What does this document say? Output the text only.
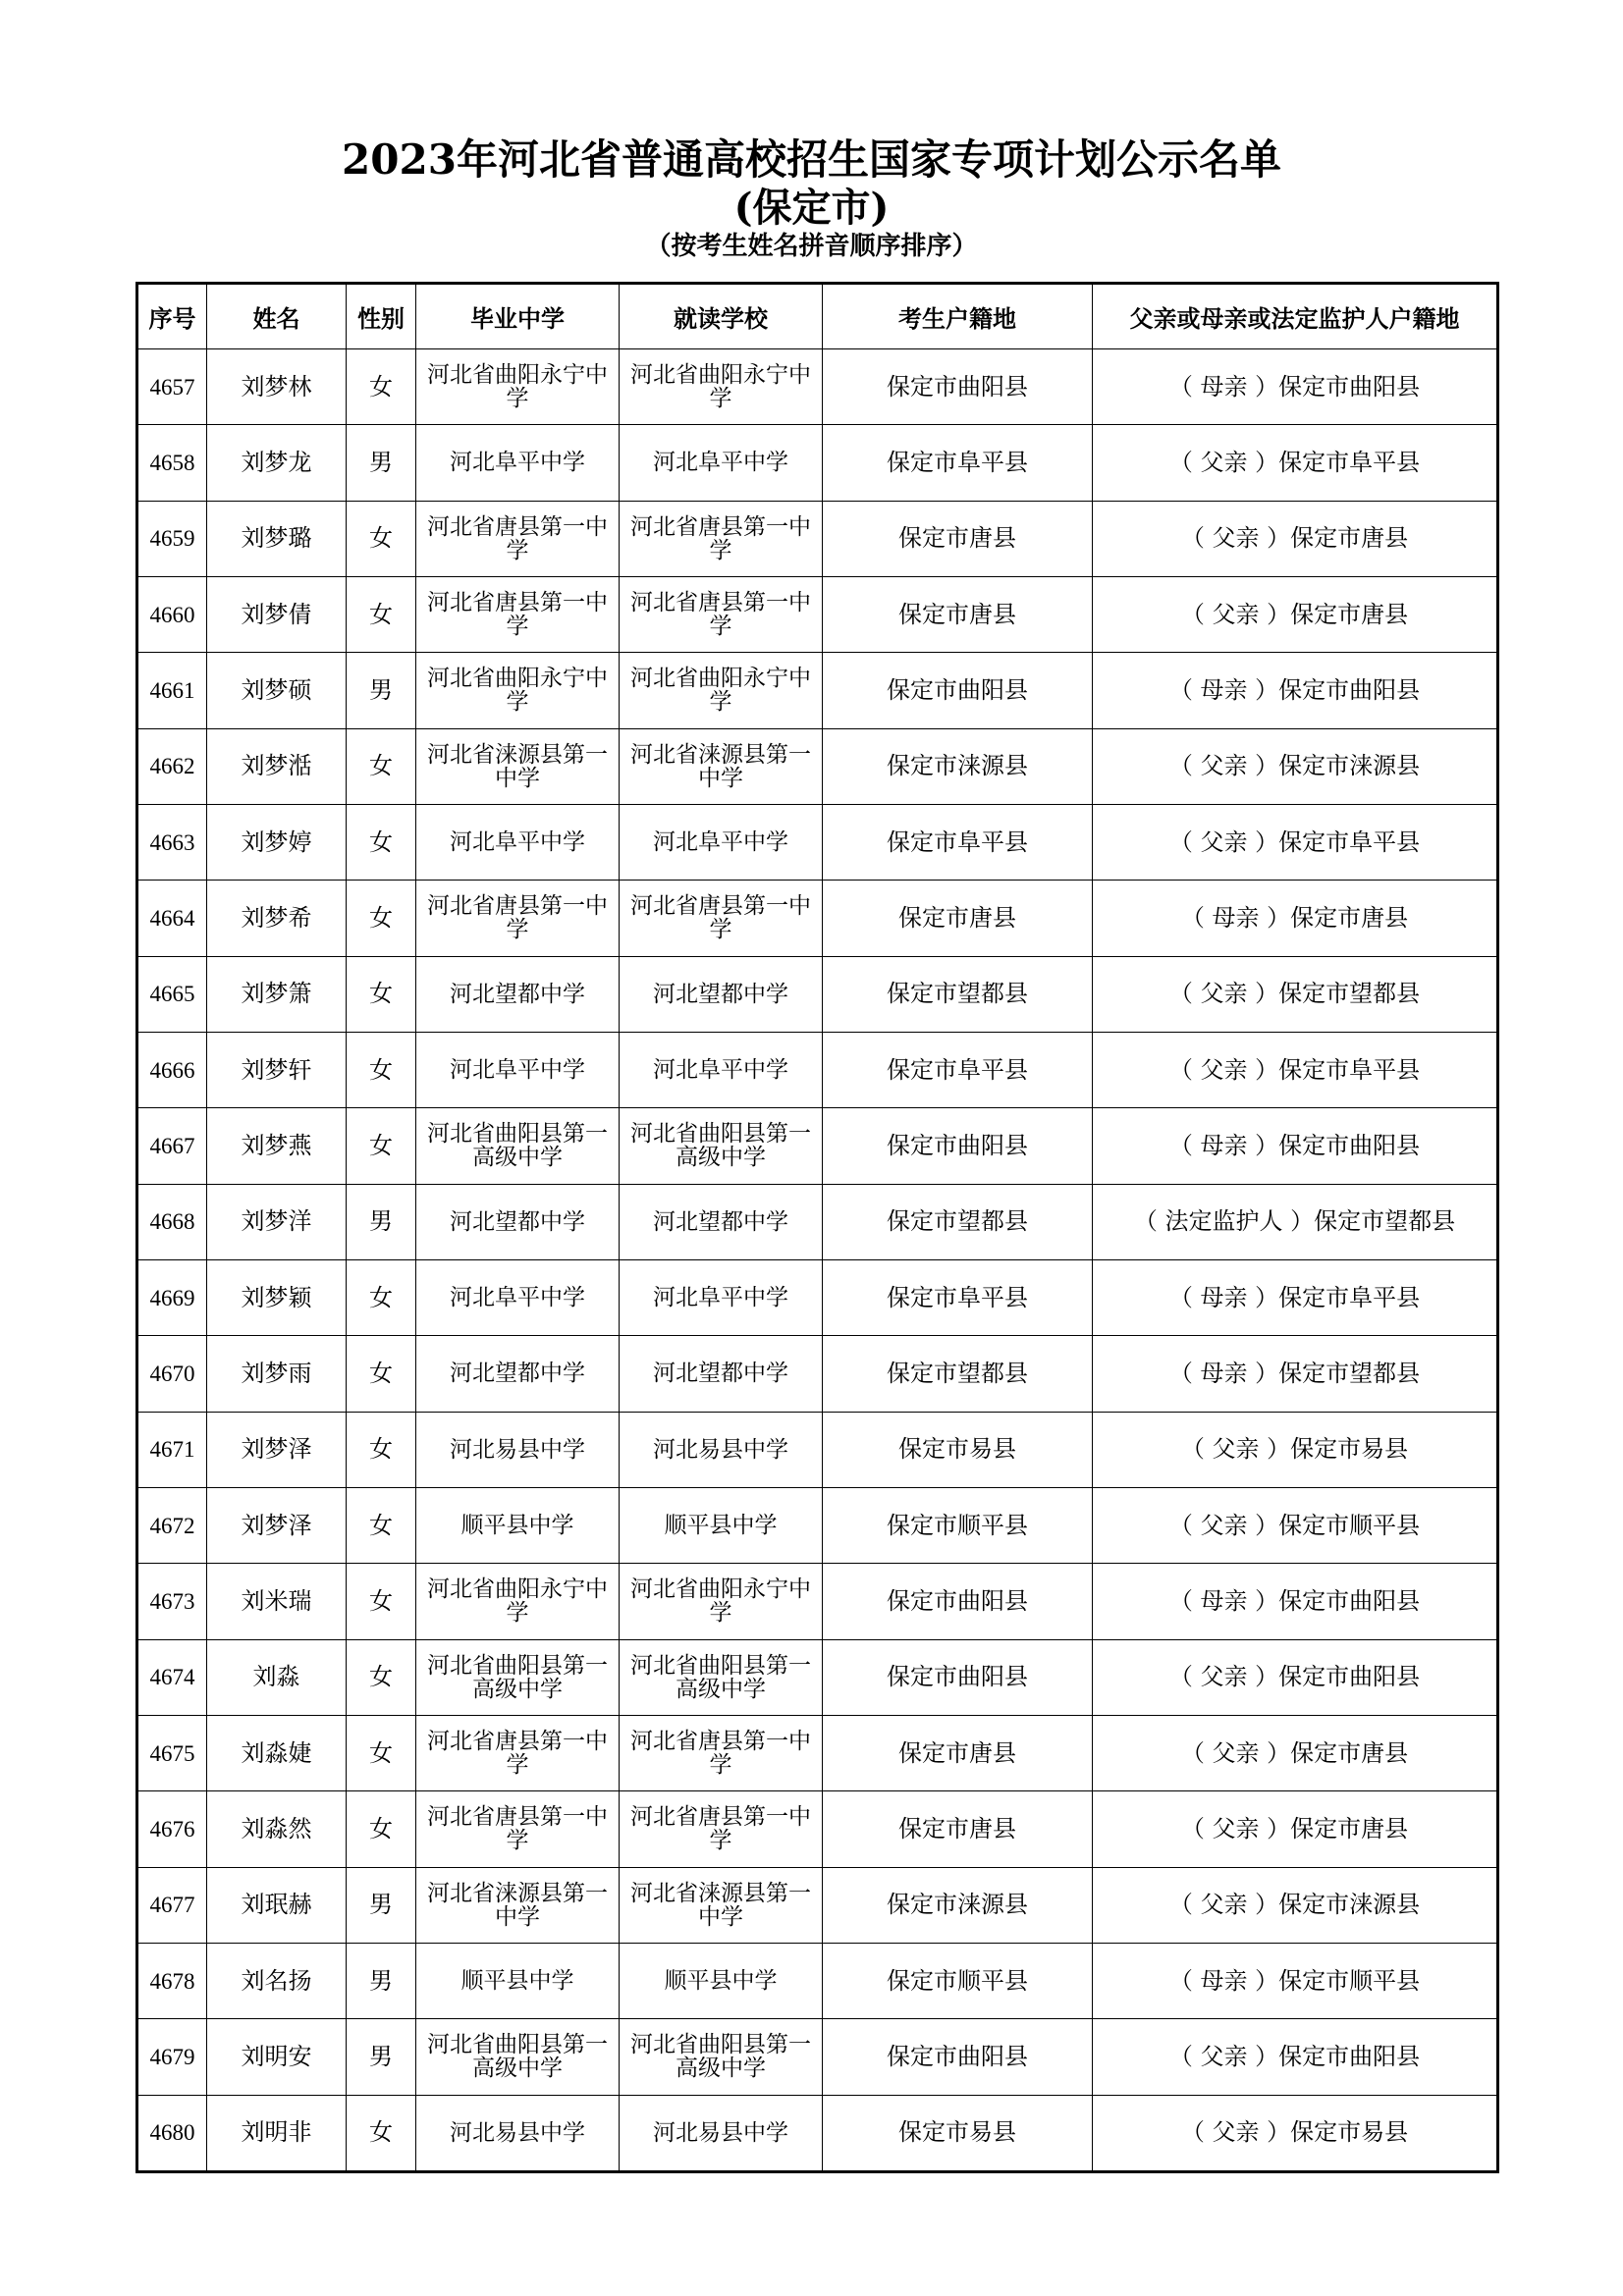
2023年河北省普通高校招生国家专项计划公示名单
(保定市)
（按考生姓名拼音顺序排序）
序号	姓名	性别	毕业中学	就读学校	考生户籍地	父亲或母亲或法定监护人户籍地
4657	刘梦林	女	河北省曲阳永宁中学	河北省曲阳永宁中学	保定市曲阳县	（ 母亲 ）保定市曲阳县
4658	刘梦龙	男	河北阜平中学	河北阜平中学	保定市阜平县	（ 父亲 ）保定市阜平县
4659	刘梦璐	女	河北省唐县第一中学	河北省唐县第一中学	保定市唐县	（ 父亲 ）保定市唐县
4660	刘梦倩	女	河北省唐县第一中学	河北省唐县第一中学	保定市唐县	（ 父亲 ）保定市唐县
4661	刘梦硕	男	河北省曲阳永宁中学	河北省曲阳永宁中学	保定市曲阳县	（ 母亲 ）保定市曲阳县
4662	刘梦湉	女	河北省涞源县第一中学	河北省涞源县第一中学	保定市涞源县	（ 父亲 ）保定市涞源县
4663	刘梦婷	女	河北阜平中学	河北阜平中学	保定市阜平县	（ 父亲 ）保定市阜平县
4664	刘梦希	女	河北省唐县第一中学	河北省唐县第一中学	保定市唐县	（ 母亲 ）保定市唐县
4665	刘梦箫	女	河北望都中学	河北望都中学	保定市望都县	（ 父亲 ）保定市望都县
4666	刘梦轩	女	河北阜平中学	河北阜平中学	保定市阜平县	（ 父亲 ）保定市阜平县
4667	刘梦燕	女	河北省曲阳县第一高级中学	河北省曲阳县第一高级中学	保定市曲阳县	（ 母亲 ）保定市曲阳县
4668	刘梦洋	男	河北望都中学	河北望都中学	保定市望都县	（ 法定监护人 ）保定市望都县
4669	刘梦颖	女	河北阜平中学	河北阜平中学	保定市阜平县	（ 母亲 ）保定市阜平县
4670	刘梦雨	女	河北望都中学	河北望都中学	保定市望都县	（ 母亲 ）保定市望都县
4671	刘梦泽	女	河北易县中学	河北易县中学	保定市易县	（ 父亲 ）保定市易县
4672	刘梦泽	女	顺平县中学	顺平县中学	保定市顺平县	（ 父亲 ）保定市顺平县
4673	刘米瑞	女	河北省曲阳永宁中学	河北省曲阳永宁中学	保定市曲阳县	（ 母亲 ）保定市曲阳县
4674	刘淼	女	河北省曲阳县第一高级中学	河北省曲阳县第一高级中学	保定市曲阳县	（ 父亲 ）保定市曲阳县
4675	刘淼婕	女	河北省唐县第一中学	河北省唐县第一中学	保定市唐县	（ 父亲 ）保定市唐县
4676	刘淼然	女	河北省唐县第一中学	河北省唐县第一中学	保定市唐县	（ 父亲 ）保定市唐县
4677	刘珉赫	男	河北省涞源县第一中学	河北省涞源县第一中学	保定市涞源县	（ 父亲 ）保定市涞源县
4678	刘名扬	男	顺平县中学	顺平县中学	保定市顺平县	（ 母亲 ）保定市顺平县
4679	刘明安	男	河北省曲阳县第一高级中学	河北省曲阳县第一高级中学	保定市曲阳县	（ 父亲 ）保定市曲阳县
4680	刘明非	女	河北易县中学	河北易县中学	保定市易县	（ 父亲 ）保定市易县
